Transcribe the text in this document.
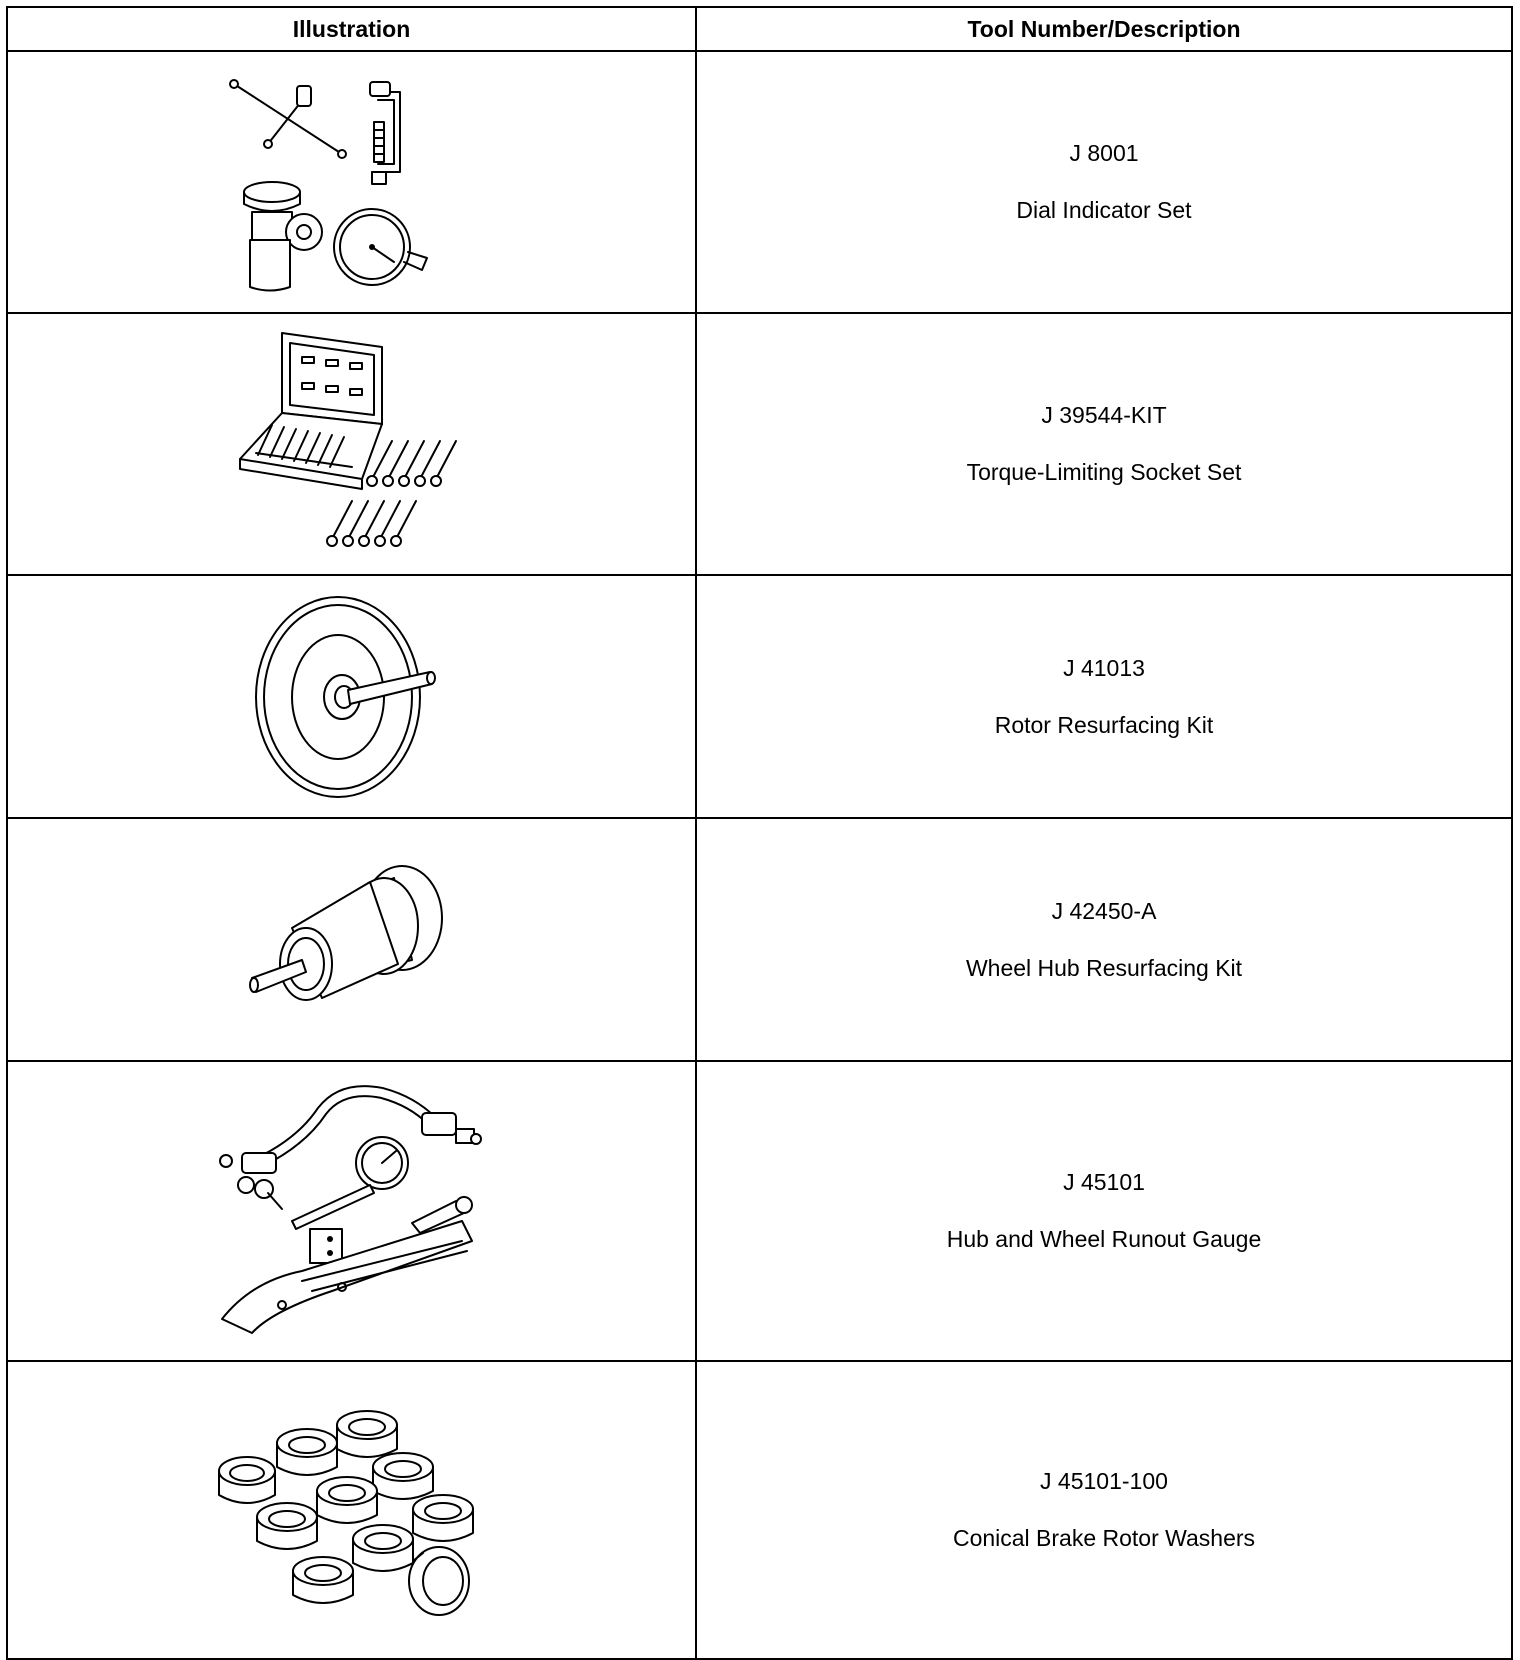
Illustration	Tool Number/Description

J 8001
Dial Indicator Set

J 39544-KIT
Torque-Limiting Socket Set

J 41013
Rotor Resurfacing Kit

J 42450-A
Wheel Hub Resurfacing Kit

J 45101
Hub and Wheel Runout Gauge

J 45101-100
Conical Brake Rotor Washers
